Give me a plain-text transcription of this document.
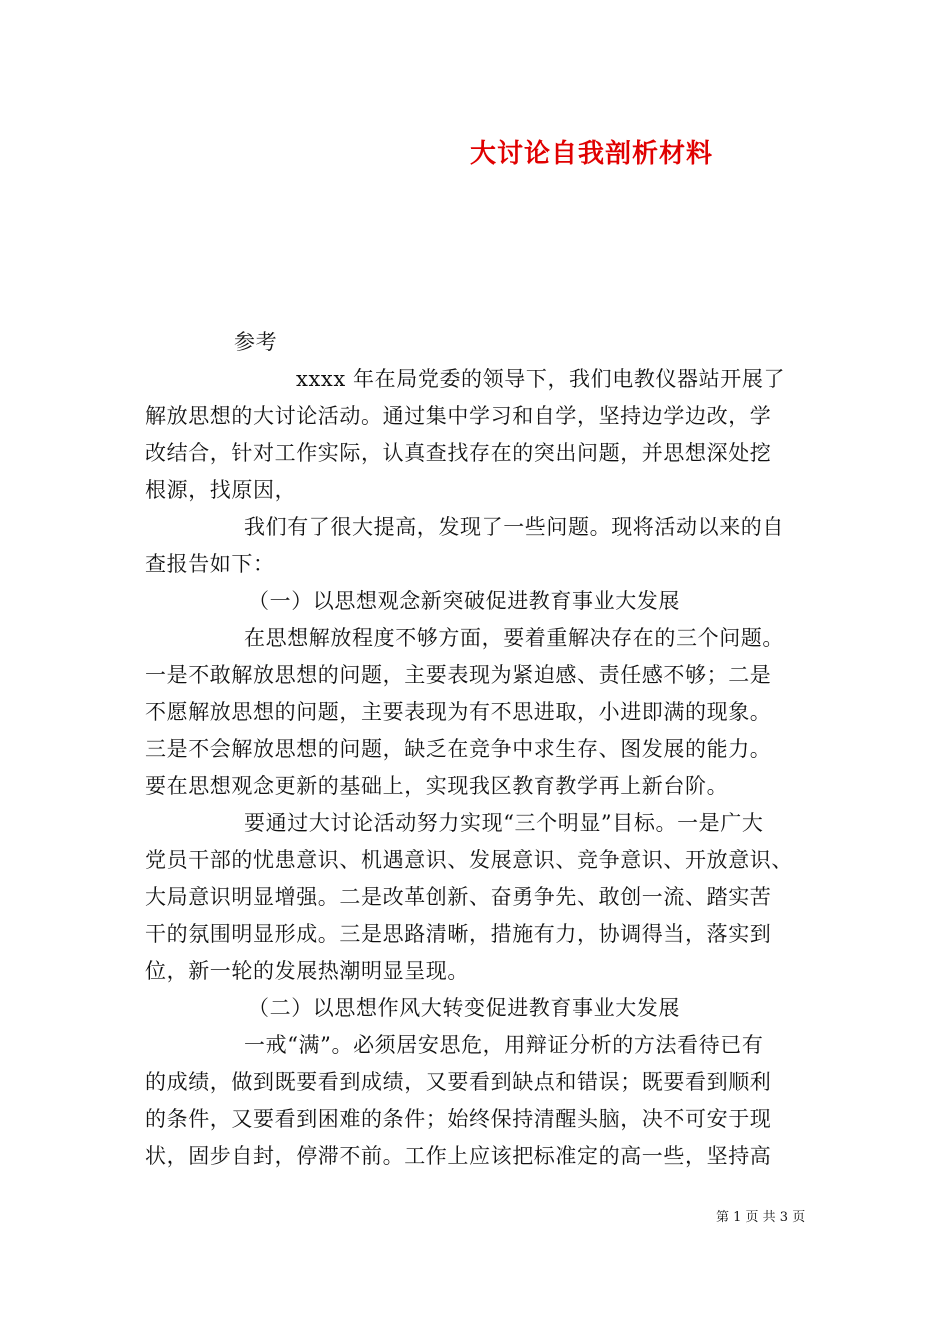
大讨论自我剖析材料
参考
xxxx 年在局党委的领导下，我们电教仪器站开展了
解放思想的大讨论活动。通过集中学习和自学，坚持边学边改，学
改结合，针对工作实际，认真查找存在的突出问题，并思想深处挖
根源，找原因，
我们有了很大提高，发现了一些问题。现将活动以来的自
查报告如下：
（一）以思想观念新突破促进教育事业大发展
在思想解放程度不够方面，要着重解决存在的三个问题。
一是不敢解放思想的问题，主要表现为紧迫感、责任感不够；二是
不愿解放思想的问题，主要表现为有不思进取，小进即满的现象。
三是不会解放思想的问题，缺乏在竞争中求生存、图发展的能力。
要在思想观念更新的基础上，实现我区教育教学再上新台阶。
要通过大讨论活动努力实现“三个明显”目标。一是广大
党员干部的忧患意识、机遇意识、发展意识、竞争意识、开放意识、
大局意识明显增强。二是改革创新、奋勇争先、敢创一流、踏实苦
干的氛围明显形成。三是思路清晰，措施有力，协调得当，落实到
位，新一轮的发展热潮明显呈现。
（二）以思想作风大转变促进教育事业大发展
一戒“满”。必须居安思危，用辩证分析的方法看待已有
的成绩，做到既要看到成绩，又要看到缺点和错误；既要看到顺利
的条件，又要看到困难的条件；始终保持清醒头脑，决不可安于现
状，固步自封，停滞不前。工作上应该把标准定的高一些，坚持高
第 1 页 共 3 页
